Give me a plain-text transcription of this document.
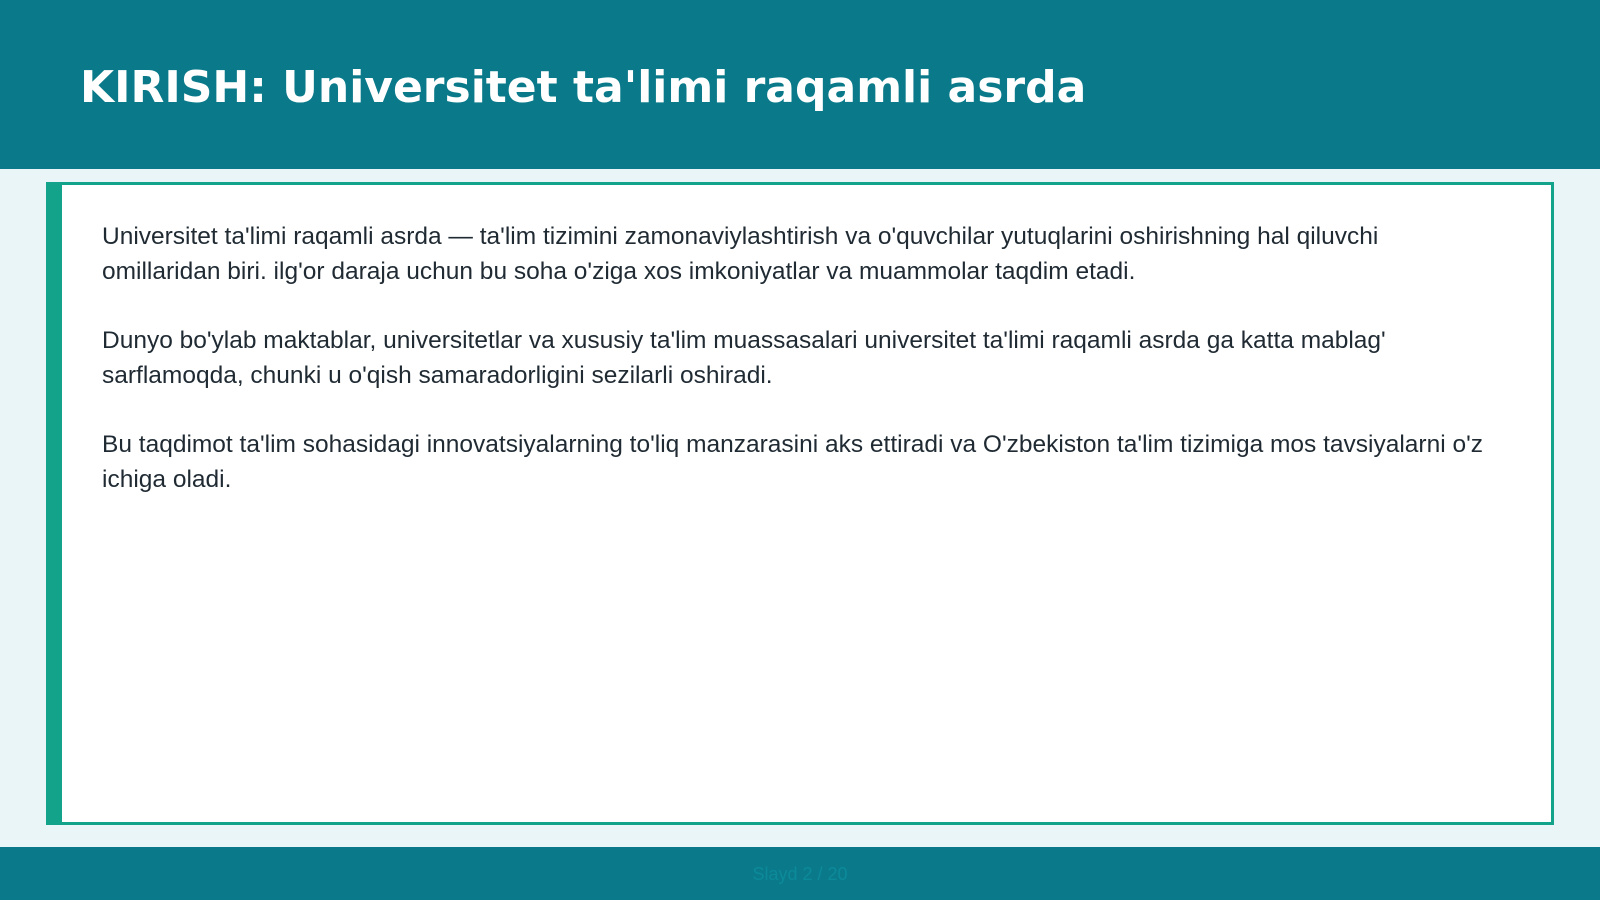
KIRISH: Universitet ta'limi raqamli asrda

Universitet ta'limi raqamli asrda — ta'lim tizimini zamonaviylashtirish va o'quvchilar yutuqlarini oshirishning hal qiluvchi omillaridan biri. ilg'or daraja uchun bu soha o'ziga xos imkoniyatlar va muammolar taqdim etadi.

Dunyo bo'ylab maktablar, universitetlar va xususiy ta'lim muassasalari universitet ta'limi raqamli asrda ga katta mablag' sarflamoqda, chunki u o'qish samaradorligini sezilarli oshiradi.

Bu taqdimot ta'lim sohasidagi innovatsiyalarning to'liq manzarasini aks ettiradi va O'zbekiston ta'lim tizimiga mos tavsiyalarni o'z ichiga oladi.

Slayd 2 / 20
